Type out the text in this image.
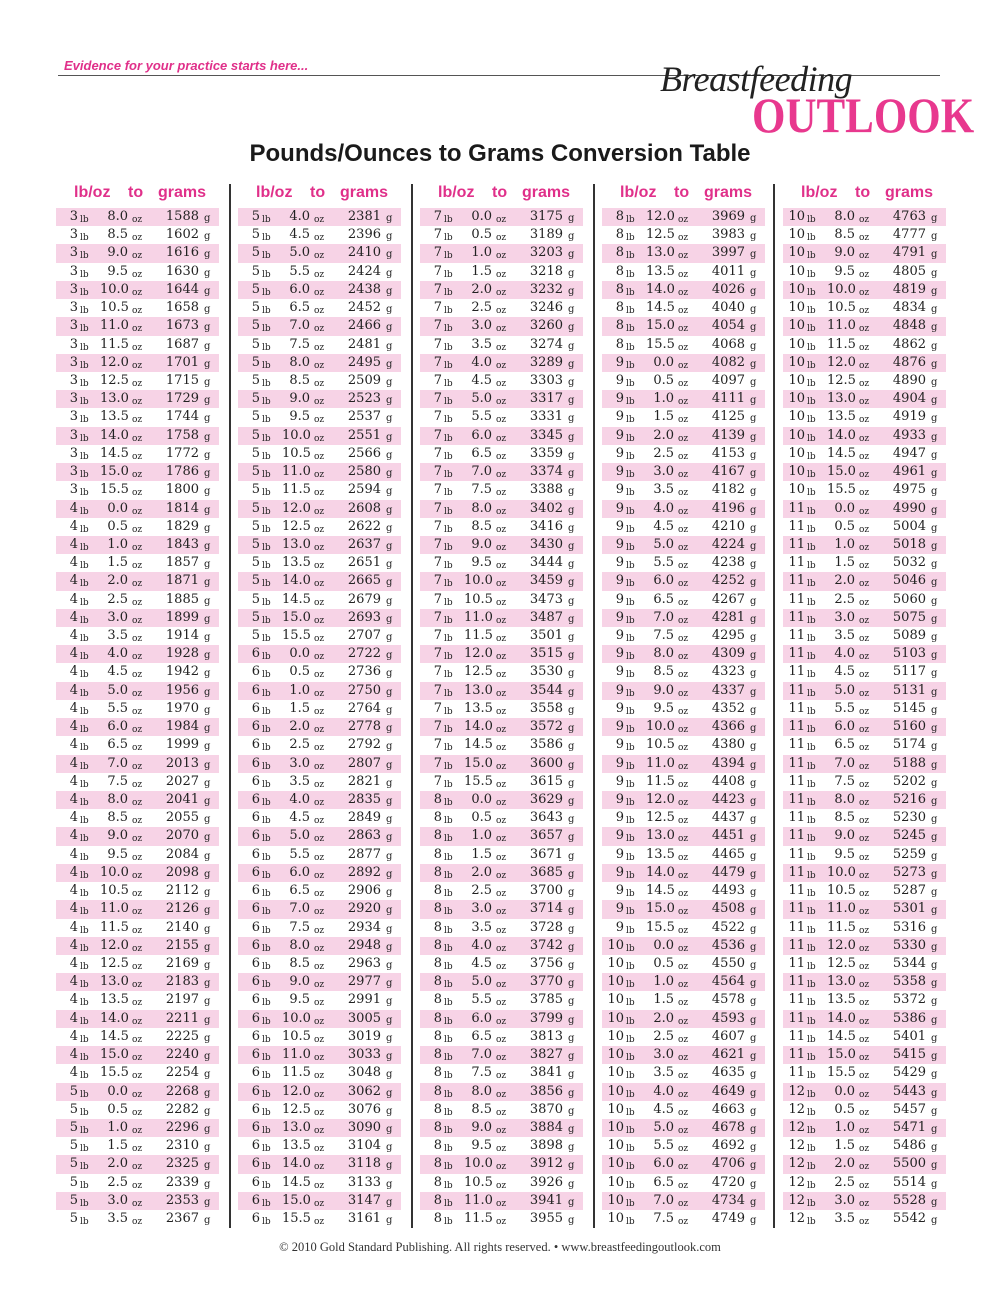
Evidence for your practice starts here...	Breastfeeding
OUTLOOK
Pounds/Ounces to Grams Conversion Table
lb/oz to grams
3 lb	8.0 oz	1588 g
3 lb	8.5 oz	1602 g
3 lb	9.0 oz	1616 g
3 lb	9.5 oz	1630 g
3 lb 10.0 oz	1644 g
3 lb 10.5 oz	1658 g
3 lb 11.0 oz	1673 g
3 lb 11.5 oz	1687 g
3 lb 12.0 oz	1701 g
3 lb 12.5 oz	1715 g
3 lb 13.0 oz	1729 g
3 lb 13.5 oz	1744 g
3 lb 14.0 oz	1758 g
3 lb 14.5 oz	1772 g
3 lb 15.0 oz	1786 g
3 lb 15.5 oz	1800 g
4 lb	0.0 oz	1814 g
4 lb	0.5 oz	1829 g
4 lb	1.0 oz	1843 g
4 lb	1.5 oz	1857 g
4 lb	2.0 oz	1871 g
4 lb	2.5 oz	1885 g
4 lb	3.0 oz	1899 g
4 lb	3.5 oz	1914 g
4 lb	4.0 oz	1928 g
4 lb	4.5 oz	1942 g
4 lb	5.0 oz	1956 g
4 lb	5.5 oz	1970 g
4 lb	6.0 oz	1984 g
4 lb	6.5 oz	1999 g
4 lb	7.0 oz	2013 g
4 lb	7.5 oz	2027 g
4 lb	8.0 oz	2041 g
4 lb	8.5 oz	2055 g
4 lb	9.0 oz	2070 g
4 lb	9.5 oz	2084 g
4 lb 10.0 oz	2098 g
4 lb 10.5 oz	2112 g
4 lb 11.0 oz	2126 g
4 lb 11.5 oz	2140 g
4 lb 12.0 oz	2155 g
4 lb 12.5 oz	2169 g
4 lb 13.0 oz	2183 g
4 lb 13.5 oz	2197 g
4 lb 14.0 oz	2211 g
4 lb 14.5 oz	2225 g
4 lb 15.0 oz	2240 g
4 lb 15.5 oz	2254 g
5 lb	0.0 oz	2268 g
5 lb	0.5 oz	2282 g
5 lb	1.0 oz	2296 g
5 lb	1.5 oz	2310 g
5 lb	2.0 oz	2325 g
5 lb	2.5 oz	2339 g
5 lb	3.0 oz	2353 g
5 lb	3.5 oz	2367 g
lb/oz to grams
5 lb	4.0 oz	2381 g
5 lb	4.5 oz	2396 g
5 lb	5.0 oz	2410 g
5 lb	5.5 oz	2424 g
5 lb	6.0 oz	2438 g
5 lb	6.5 oz	2452 g
5 lb	7.0 oz	2466 g
5 lb	7.5 oz	2481 g
5 lb	8.0 oz	2495 g
5 lb	8.5 oz	2509 g
5 lb	9.0 oz	2523 g
5 lb	9.5 oz	2537 g
5 lb 10.0 oz	2551 g
5 lb 10.5 oz	2566 g
5 lb 11.0 oz	2580 g
5 lb 11.5 oz	2594 g
5 lb 12.0 oz	2608 g
5 lb 12.5 oz	2622 g
5 lb 13.0 oz	2637 g
5 lb 13.5 oz	2651 g
5 lb 14.0 oz	2665 g
5 lb 14.5 oz	2679 g
5 lb 15.0 oz	2693 g
5 lb 15.5 oz	2707 g
6 lb	0.0 oz	2722 g
6 lb	0.5 oz	2736 g
6 lb	1.0 oz	2750 g
6 lb	1.5 oz	2764 g
6 lb	2.0 oz	2778 g
6 lb	2.5 oz	2792 g
6 lb	3.0 oz	2807 g
6 lb	3.5 oz	2821 g
6 lb	4.0 oz	2835 g
6 lb	4.5 oz	2849 g
6 lb	5.0 oz	2863 g
6 lb	5.5 oz	2877 g
6 lb	6.0 oz	2892 g
6 lb	6.5 oz	2906 g
6 lb	7.0 oz	2920 g
6 lb	7.5 oz	2934 g
6 lb	8.0 oz	2948 g
6 lb	8.5 oz	2963 g
6 lb	9.0 oz	2977 g
6 lb	9.5 oz	2991 g
6 lb 10.0 oz	3005 g
6 lb 10.5 oz	3019 g
6 lb 11.0 oz	3033 g
6 lb 11.5 oz	3048 g
6 lb 12.0 oz	3062 g
6 lb 12.5 oz	3076 g
6 lb 13.0 oz	3090 g
6 lb 13.5 oz	3104 g
6 lb 14.0 oz	3118 g
6 lb 14.5 oz	3133 g
6 lb 15.0 oz	3147 g
6 lb 15.5 oz	3161 g
lb/oz to grams
7 lb	0.0 oz	3175 g
7 lb	0.5 oz	3189 g
7 lb	1.0 oz	3203 g
7 lb	1.5 oz	3218 g
7 lb	2.0 oz	3232 g
7 lb	2.5 oz	3246 g
7 lb	3.0 oz	3260 g
7 lb	3.5 oz	3274 g
7 lb	4.0 oz	3289 g
7 lb	4.5 oz	3303 g
7 lb	5.0 oz	3317 g
7 lb	5.5 oz	3331 g
7 lb	6.0 oz	3345 g
7 lb	6.5 oz	3359 g
7 lb	7.0 oz	3374 g
7 lb	7.5 oz	3388 g
7 lb	8.0 oz	3402 g
7 lb	8.5 oz	3416 g
7 lb	9.0 oz	3430 g
7 lb	9.5 oz	3444 g
7 lb 10.0 oz	3459 g
7 lb 10.5 oz	3473 g
7 lb 11.0 oz	3487 g
7 lb 11.5 oz	3501 g
7 lb 12.0 oz	3515 g
7 lb 12.5 oz	3530 g
7 lb 13.0 oz	3544 g
7 lb 13.5 oz	3558 g
7 lb 14.0 oz	3572 g
7 lb 14.5 oz	3586 g
7 lb 15.0 oz	3600 g
7 lb 15.5 oz	3615 g
8 lb	0.0 oz	3629 g
8 lb	0.5 oz	3643 g
8 lb	1.0 oz	3657 g
8 lb	1.5 oz	3671 g
8 lb	2.0 oz	3685 g
8 lb	2.5 oz	3700 g
8 lb	3.0 oz	3714 g
8 lb	3.5 oz	3728 g
8 lb	4.0 oz	3742 g
8 lb	4.5 oz	3756 g
8 lb	5.0 oz	3770 g
8 lb	5.5 oz	3785 g
8 lb	6.0 oz	3799 g
8 lb	6.5 oz	3813 g
8 lb	7.0 oz	3827 g
8 lb	7.5 oz	3841 g
8 lb	8.0 oz	3856 g
8 lb	8.5 oz	3870 g
8 lb	9.0 oz	3884 g
8 lb	9.5 oz	3898 g
8 lb 10.0 oz	3912 g
8 lb 10.5 oz	3926 g
8 lb 11.0 oz	3941 g
8 lb 11.5 oz	3955 g
lb/oz to grams
8 lb 12.0 oz	3969 g
8 lb 12.5 oz	3983 g
8 lb 13.0 oz	3997 g
8 lb 13.5 oz	4011 g
8 lb 14.0 oz	4026 g
8 lb 14.5 oz	4040 g
8 lb 15.0 oz	4054 g
8 lb 15.5 oz	4068 g
9 lb	0.0 oz	4082 g
9 lb	0.5 oz	4097 g
9 lb	1.0 oz	4111 g
9 lb	1.5 oz	4125 g
9 lb	2.0 oz	4139 g
9 lb	2.5 oz	4153 g
9 lb	3.0 oz	4167 g
9 lb	3.5 oz	4182 g
9 lb	4.0 oz	4196 g
9 lb	4.5 oz	4210 g
9 lb	5.0 oz	4224 g
9 lb	5.5 oz	4238 g
9 lb	6.0 oz	4252 g
9 lb	6.5 oz	4267 g
9 lb	7.0 oz	4281 g
9 lb	7.5 oz	4295 g
9 lb	8.0 oz	4309 g
9 lb	8.5 oz	4323 g
9 lb	9.0 oz	4337 g
9 lb	9.5 oz	4352 g
9 lb 10.0 oz	4366 g
9 lb 10.5 oz	4380 g
9 lb 11.0 oz	4394 g
9 lb 11.5 oz	4408 g
9 lb 12.0 oz	4423 g
9 lb 12.5 oz	4437 g
9 lb 13.0 oz	4451 g
9 lb 13.5 oz	4465 g
9 lb 14.0 oz	4479 g
9 lb 14.5 oz	4493 g
9 lb 15.0 oz	4508 g
9 lb 15.5 oz	4522 g
10 lb	0.0 oz	4536 g
10 lb	0.5 oz	4550 g
10 lb	1.0 oz	4564 g
10 lb	1.5 oz	4578 g
10 lb	2.0 oz	4593 g
10 lb	2.5 oz	4607 g
10 lb	3.0 oz	4621 g
10 lb	3.5 oz	4635 g
10 lb	4.0 oz	4649 g
10 lb	4.5 oz	4663 g
10 lb	5.0 oz	4678 g
10 lb	5.5 oz	4692 g
10 lb	6.0 oz	4706 g
10 lb	6.5 oz	4720 g
10 lb	7.0 oz	4734 g
10 lb	7.5 oz	4749 g
lb/oz to grams
10 lb	8.0 oz	4763 g
10 lb	8.5 oz	4777 g
10 lb	9.0 oz	4791 g
10 lb	9.5 oz	4805 g
10 lb 10.0 oz	4819 g
10 lb 10.5 oz	4834 g
10 lb 11.0 oz	4848 g
10 lb 11.5 oz	4862 g
10 lb 12.0 oz	4876 g
10 lb 12.5 oz	4890 g
10 lb 13.0 oz	4904 g
10 lb 13.5 oz	4919 g
10 lb 14.0 oz	4933 g
10 lb 14.5 oz	4947 g
10 lb 15.0 oz	4961 g
10 lb 15.5 oz	4975 g
11 lb	0.0 oz	4990 g
11 lb	0.5 oz	5004 g
11 lb	1.0 oz	5018 g
11 lb	1.5 oz	5032 g
11 lb	2.0 oz	5046 g
11 lb	2.5 oz	5060 g
11 lb	3.0 oz	5075 g
11 lb	3.5 oz	5089 g
11 lb	4.0 oz	5103 g
11 lb	4.5 oz	5117 g
11 lb	5.0 oz	5131 g
11 lb	5.5 oz	5145 g
11 lb	6.0 oz	5160 g
11 lb	6.5 oz	5174 g
11 lb	7.0 oz	5188 g
11 lb	7.5 oz	5202 g
11 lb	8.0 oz	5216 g
11 lb	8.5 oz	5230 g
11 lb	9.0 oz	5245 g
11 lb	9.5 oz	5259 g
11 lb 10.0 oz	5273 g
11 lb 10.5 oz	5287 g
11 lb 11.0 oz	5301 g
11 lb 11.5 oz	5316 g
11 lb 12.0 oz	5330 g
11 lb 12.5 oz	5344 g
11 lb 13.0 oz	5358 g
11 lb 13.5 oz	5372 g
11 lb 14.0 oz	5386 g
11 lb 14.5 oz	5401 g
11 lb 15.0 oz	5415 g
11 lb 15.5 oz	5429 g
12 lb	0.0 oz	5443 g
12 lb	0.5 oz	5457 g
12 lb	1.0 oz	5471 g
12 lb	1.5 oz	5486 g
12 lb	2.0 oz	5500 g
12 lb	2.5 oz	5514 g
12 lb	3.0 oz	5528 g
12 lb	3.5 oz	5542 g
© 2010 Gold Standard Publishing. All rights reserved. • www.breastfeedingoutlook.com
